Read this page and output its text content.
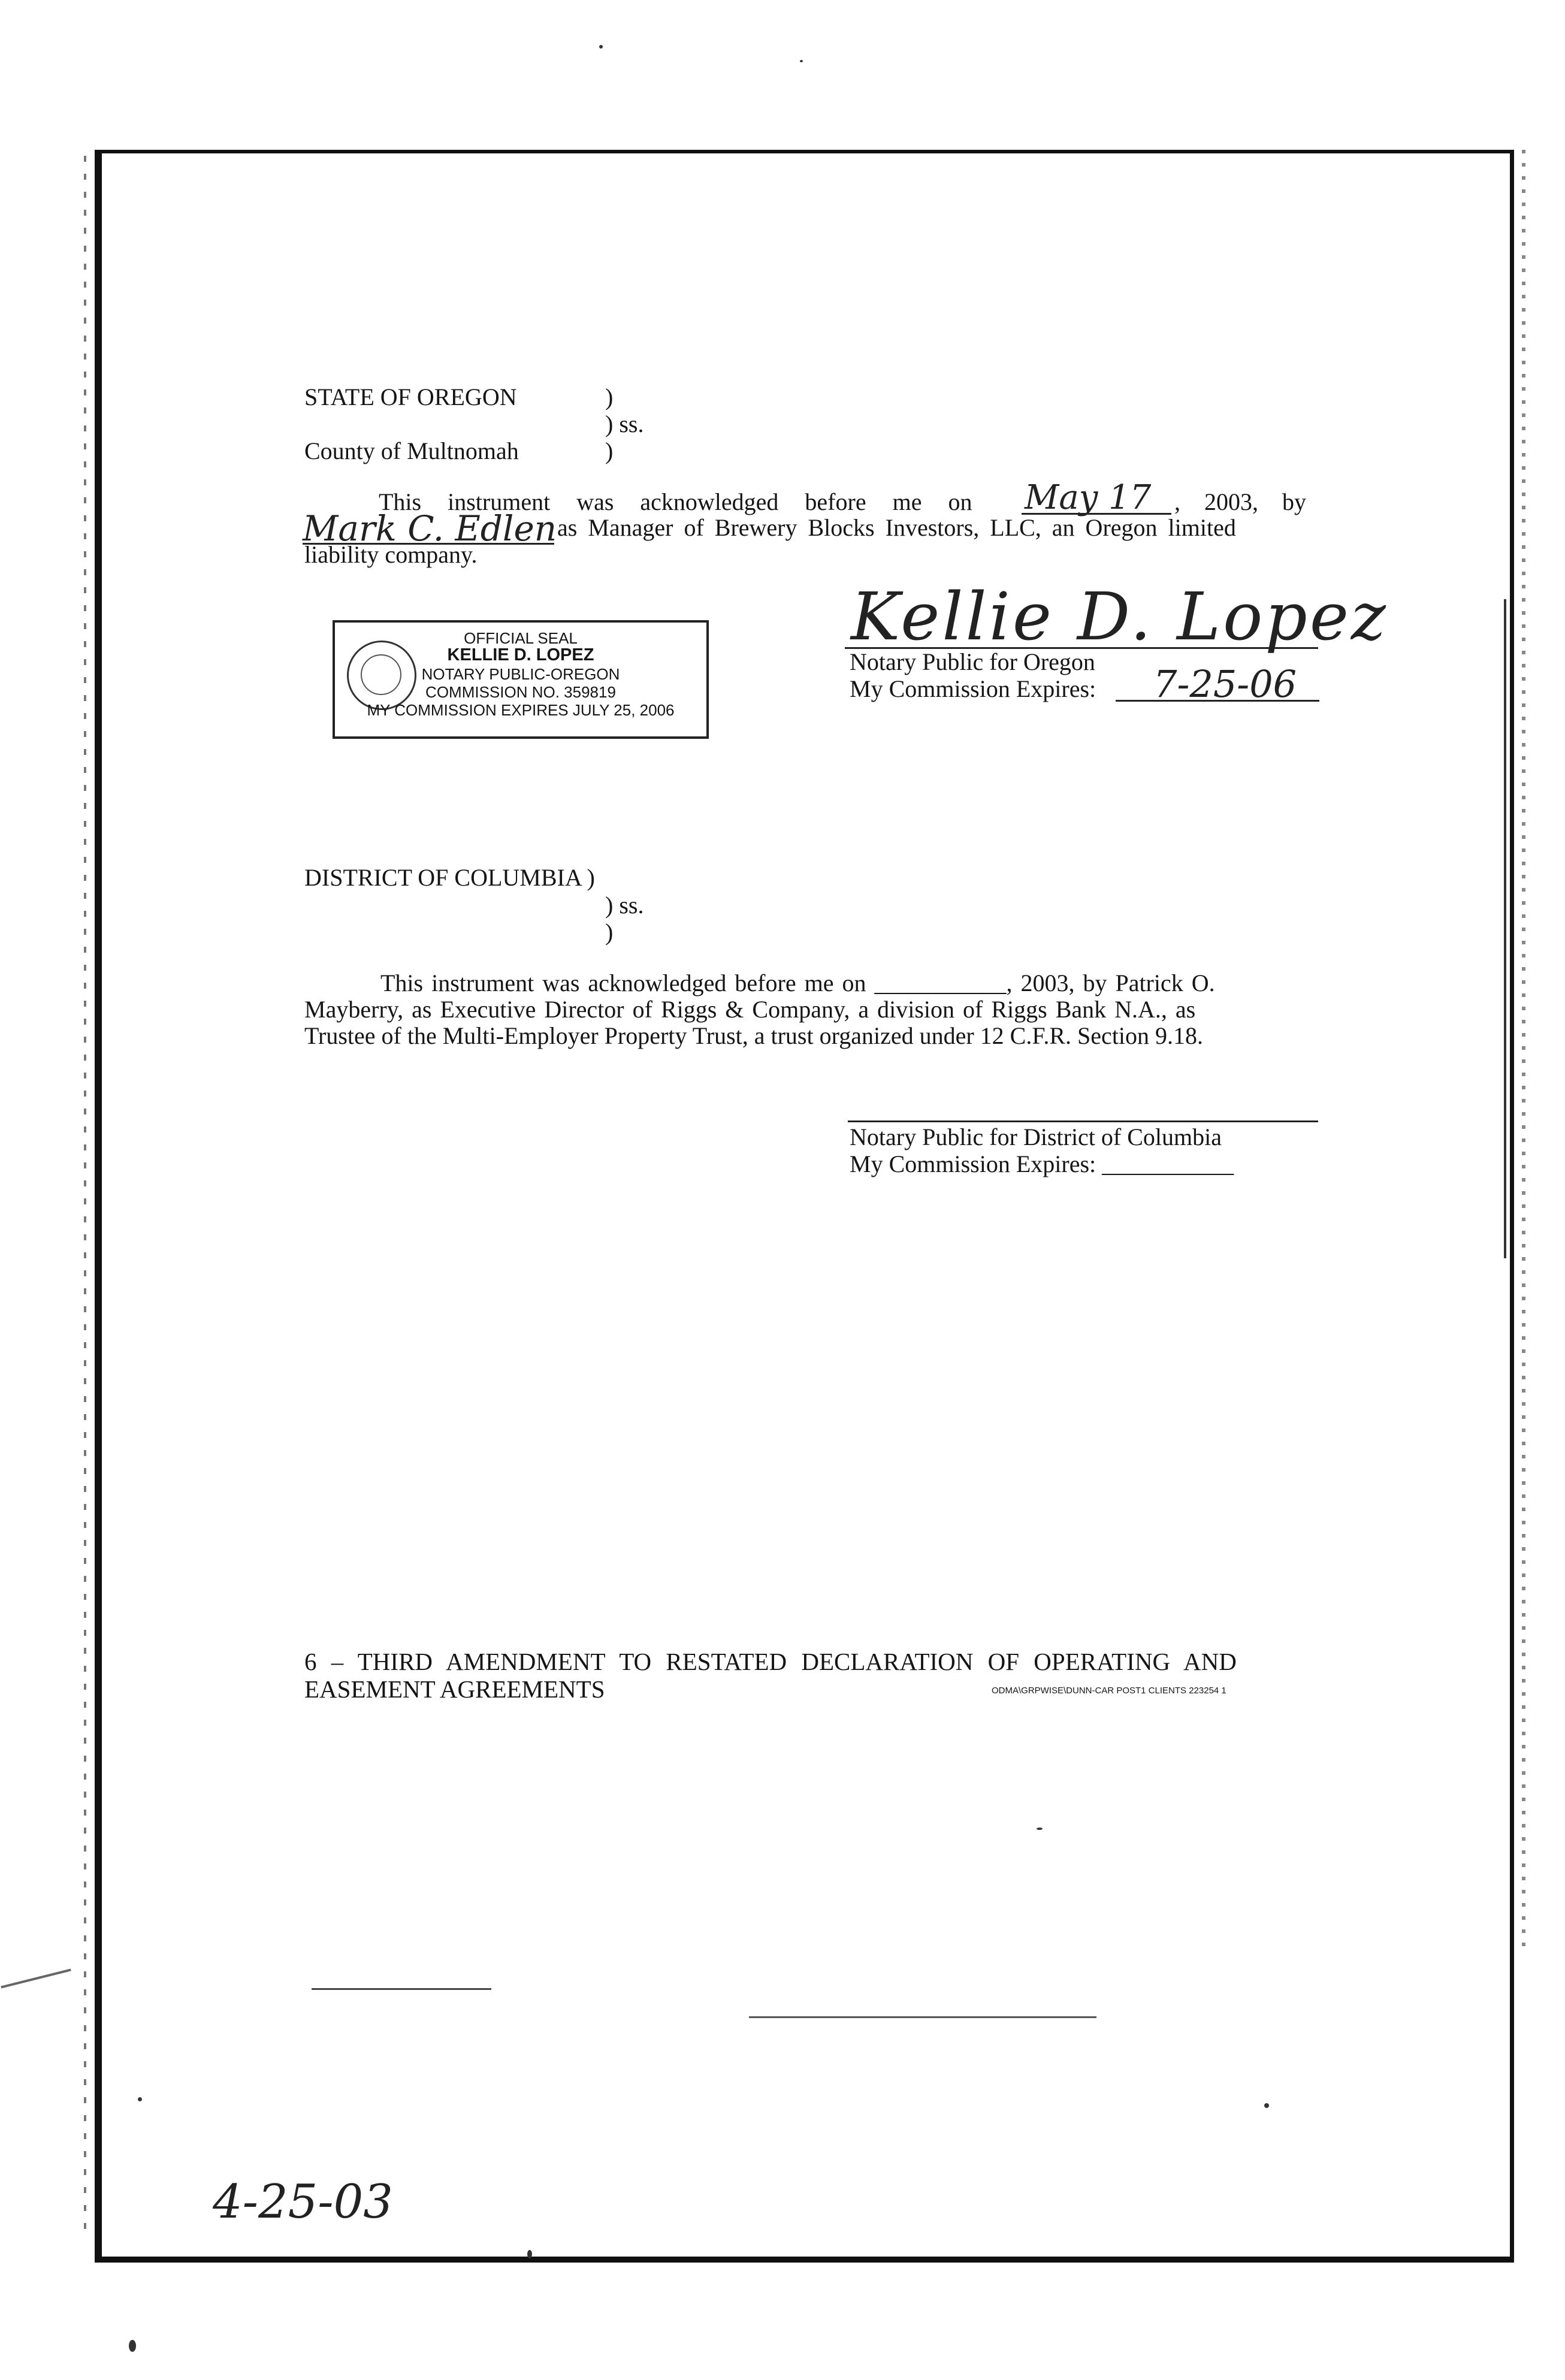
STATE OF OREGON	)
) ss.
County of Multnomah	)
This instrument was acknowledged before me on May 17 , 2003, by
Mark C. Edlen as Manager of Brewery Blocks Investors, LLC, an Oregon limited
liability company.
OFFICIAL SEAL
KELLIE D. LOPEZ
NOTARY PUBLIC-OREGON
COMMISSION NO. 359819
MY COMMISSION EXPIRES JULY 25, 2006
Kellie D. Lopez
Notary Public for Oregon
My Commission Expires: 7-25-06
DISTRICT OF COLUMBIA )
) ss.
)
This instrument was acknowledged before me on ___________, 2003, by Patrick O.
Mayberry, as Executive Director of Riggs & Company, a division of Riggs Bank N.A., as
Trustee of the Multi-Employer Property Trust, a trust organized under 12 C.F.R. Section 9.18.
Notary Public for District of Columbia
My Commission Expires: ___________
6 – THIRD AMENDMENT TO RESTATED DECLARATION OF OPERATING AND
EASEMENT AGREEMENTS	ODMA\GRPWISE\DUNN-CAR POST1 CLIENTS 223254 1
4-25-03
